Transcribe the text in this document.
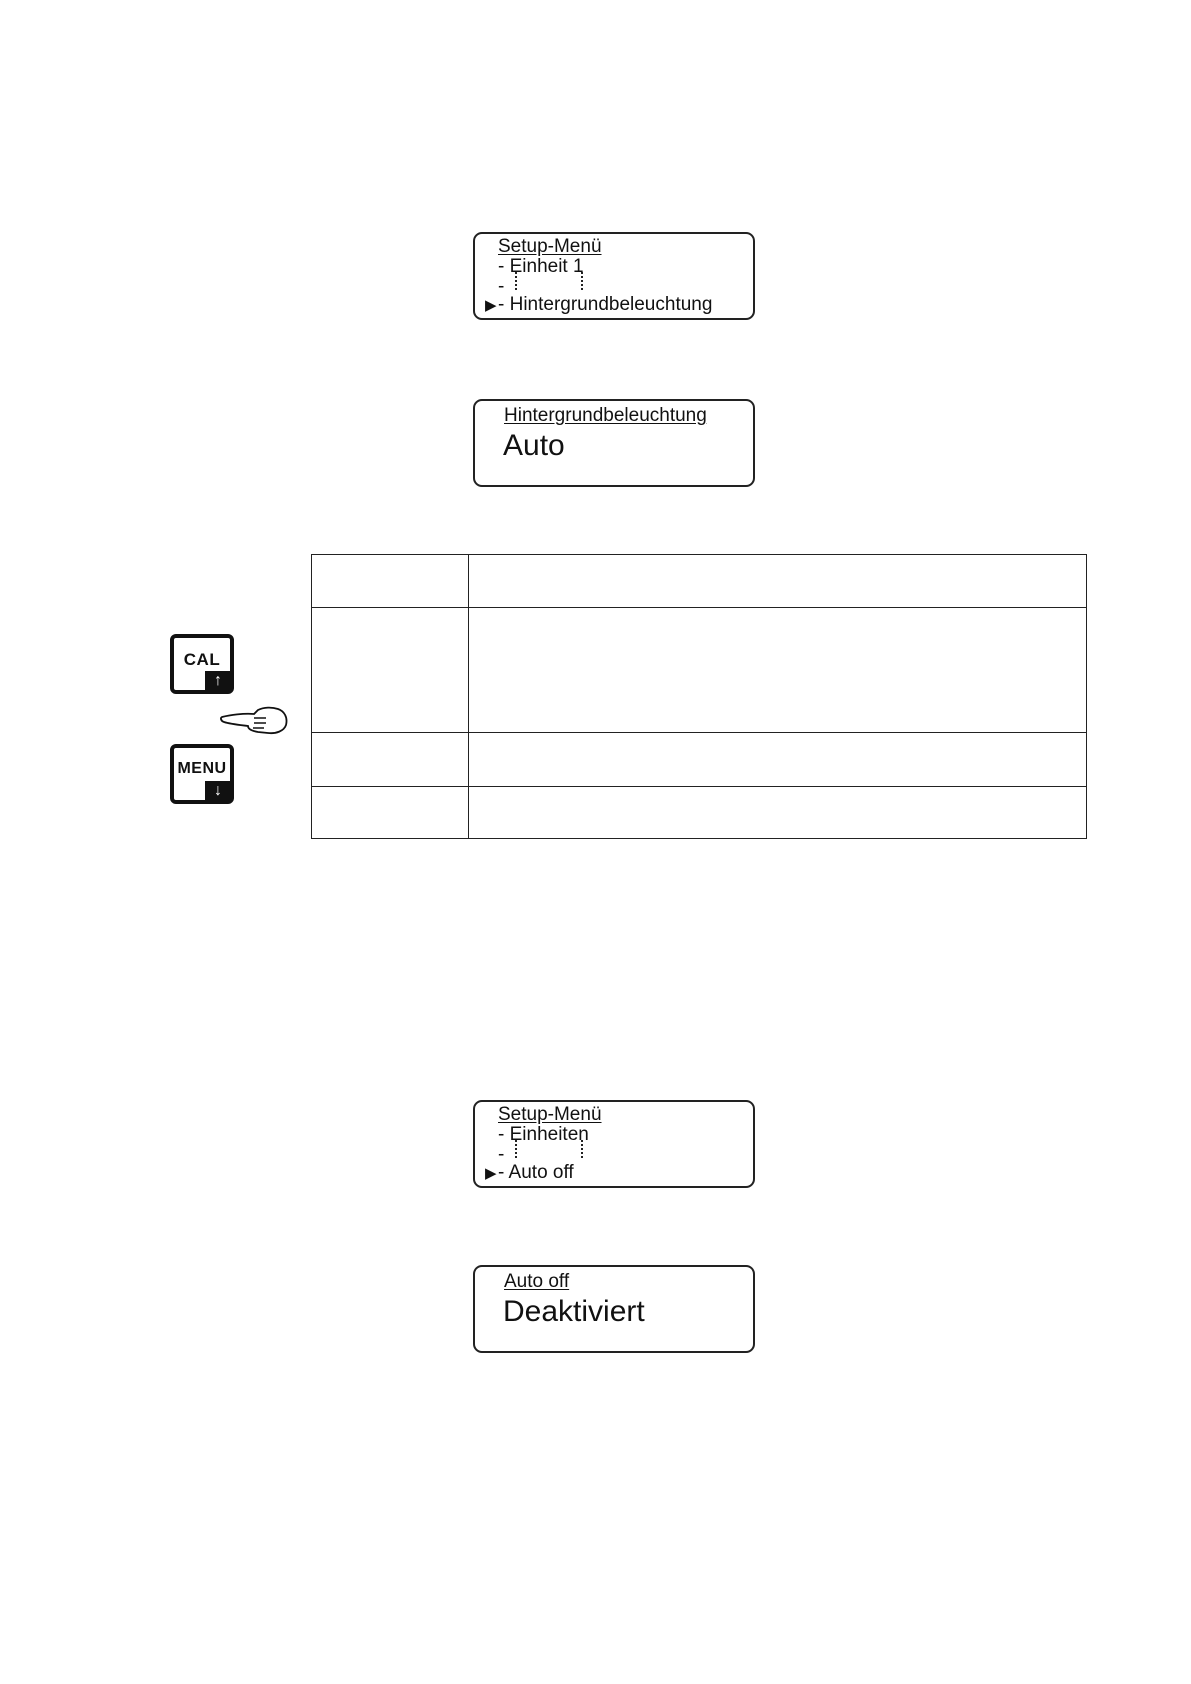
Setup-Menü
- Einheit 1
-
▶ - Hintergrundbeleuchtung
Hintergrundbeleuchtung
Auto
CAL
↑
MENU
↓
Setup-Menü
- Einheiten
-
▶ - Auto off
Auto off
Deaktiviert
